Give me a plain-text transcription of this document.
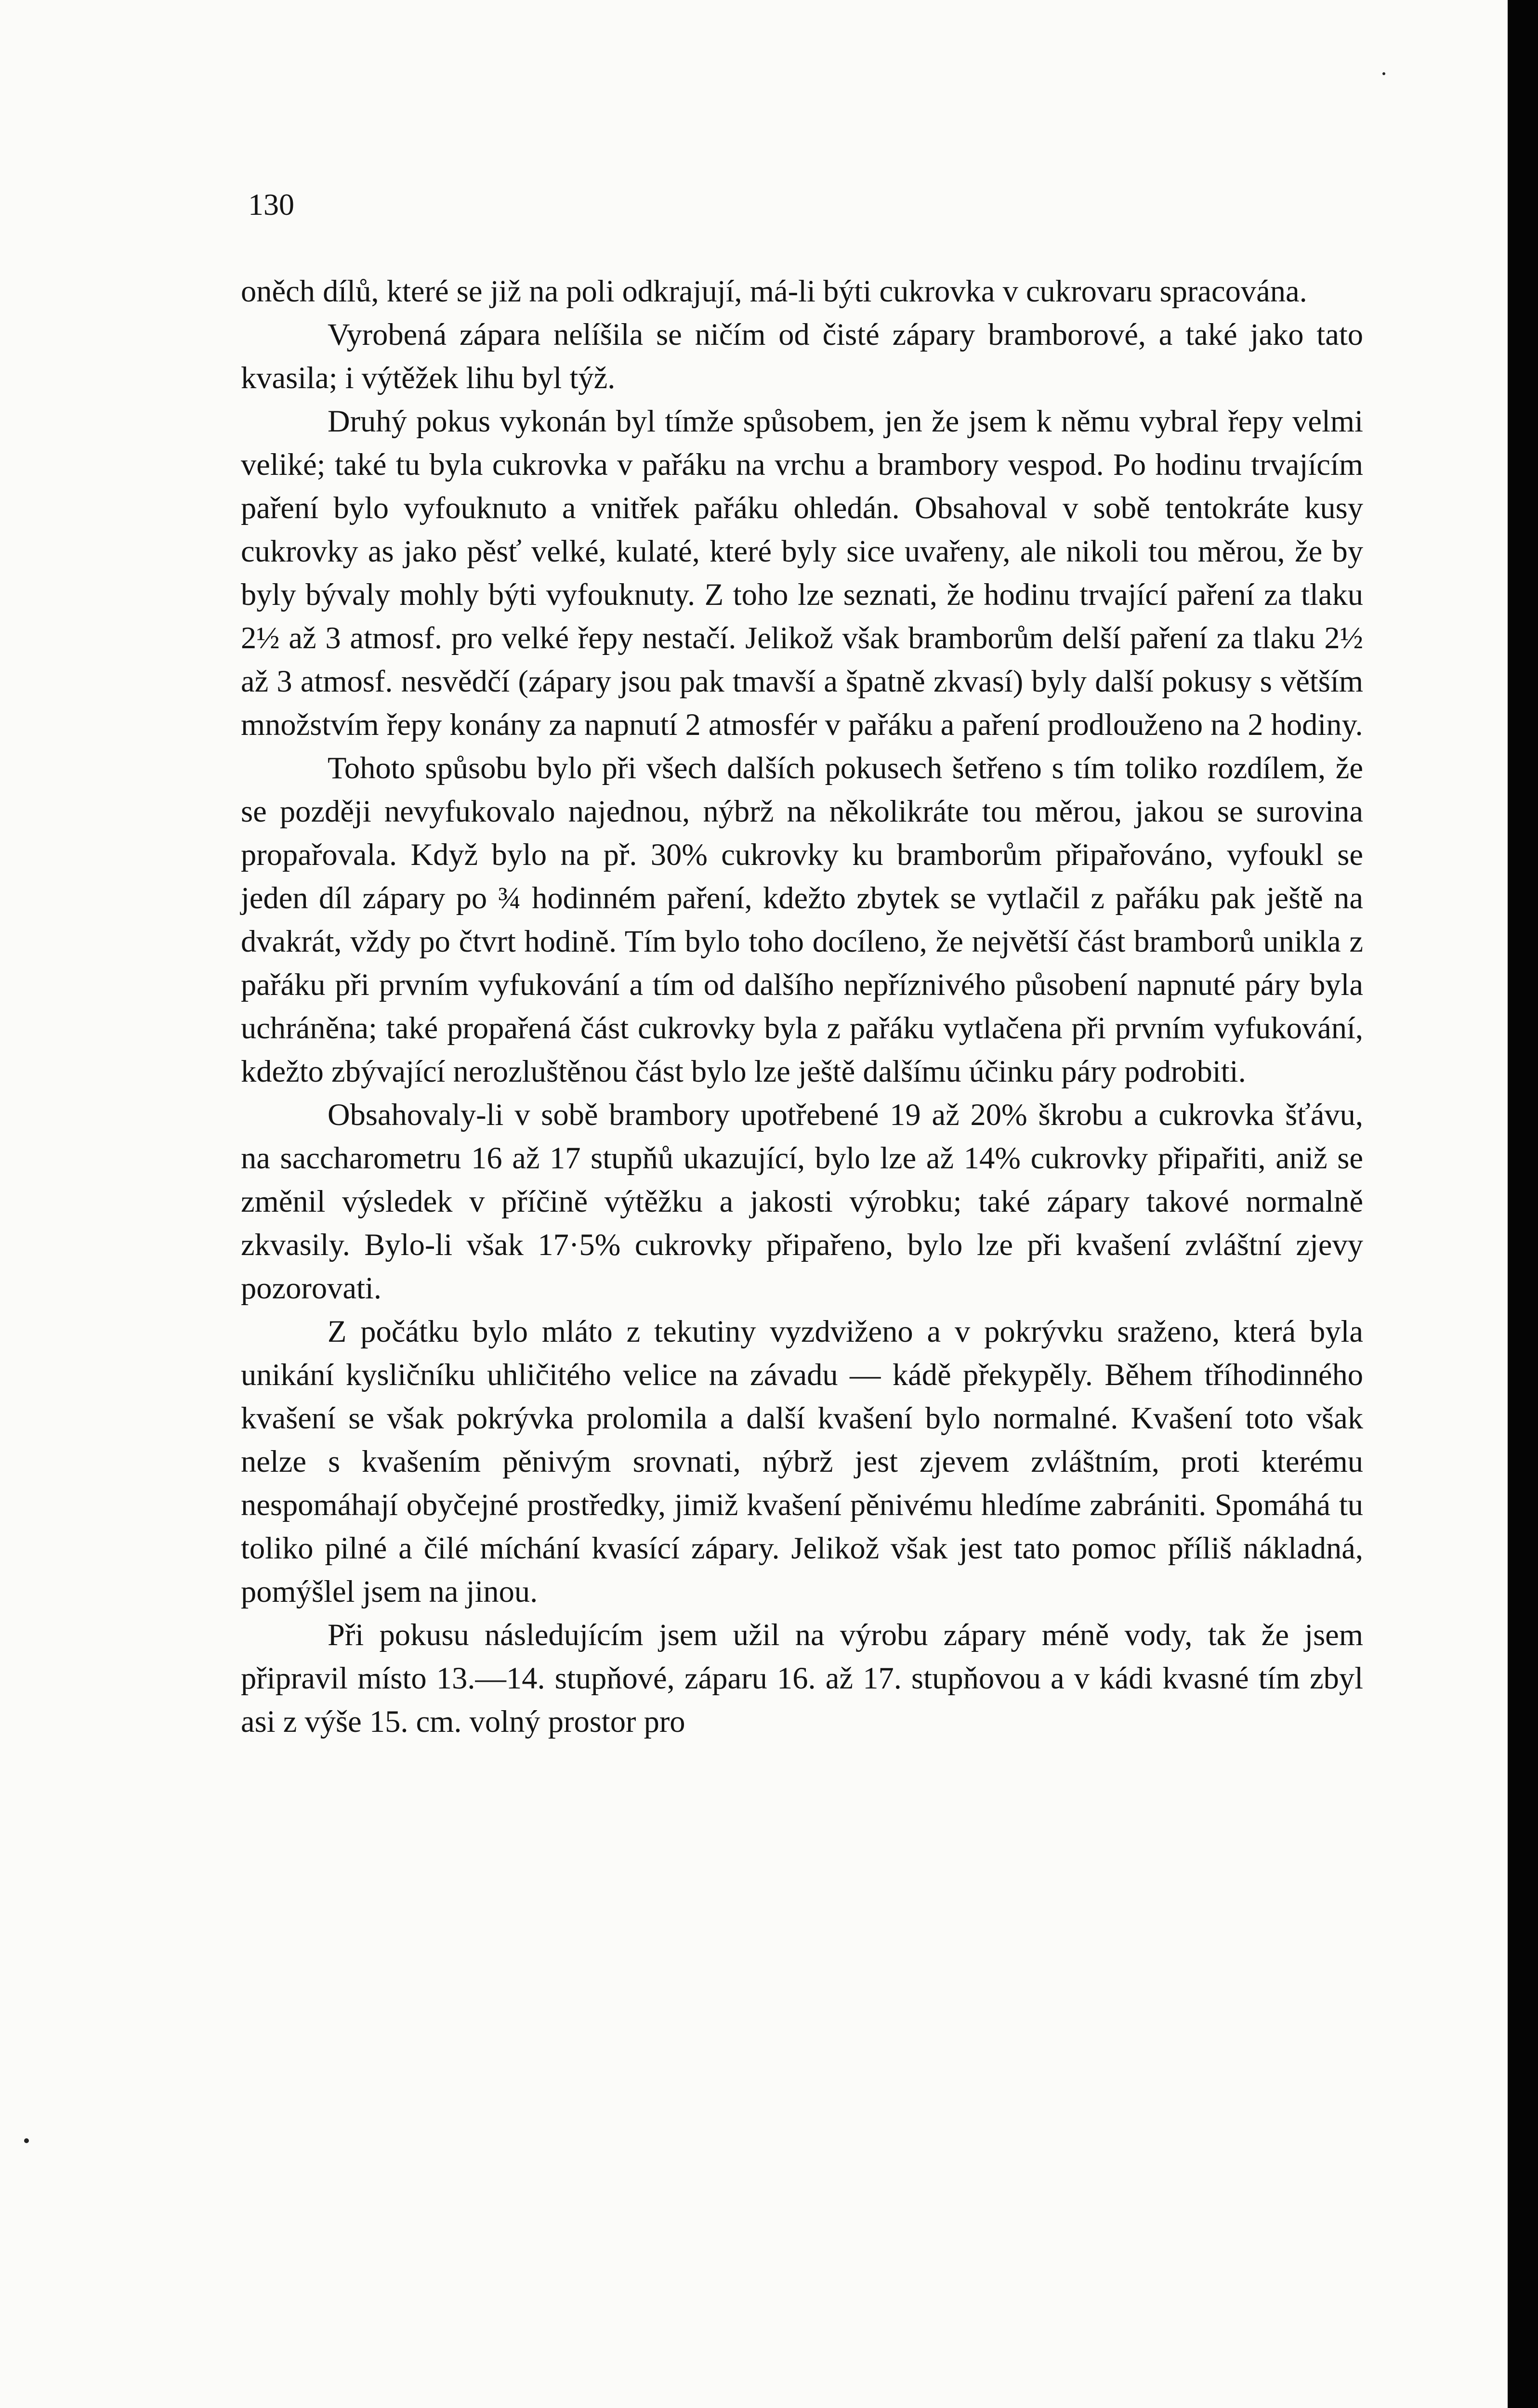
130

oněch dílů, které se již na poli odkrajují, má-li býti cukrovka v cukrovaru spracována.

Vyrobená zápara nelíšila se ničím od čisté zápary bramborové, a také jako tato kvasila; i výtěžek lihu byl týž.

Druhý pokus vykonán byl tímže spůsobem, jen že jsem k němu vybral řepy velmi veliké; také tu byla cukrovka v pařáku na vrchu a brambory vespod. Po hodinu trvajícím paření bylo vyfouknuto a vnitřek pařáku ohledán. Obsahoval v sobě tentokráte kusy cukrovky as jako pěsť velké, kulaté, které byly sice uvařeny, ale nikoli tou měrou, že by byly bývaly mohly býti vyfouknuty. Z toho lze seznati, že hodinu trvající paření za tlaku 2½ až 3 atmosf. pro velké řepy nestačí. Jelikož však bramborům delší paření za tlaku 2½ až 3 atmosf. nesvědčí (zápary jsou pak tmavší a špatně zkvasí) byly další pokusy s větším množstvím řepy konány za napnutí 2 atmosfér v pařáku a paření prodlouženo na 2 hodiny.

Tohoto spůsobu bylo při všech dalších pokusech šetřeno s tím toliko rozdílem, že se později nevyfukovalo najednou, nýbrž na několikráte tou měrou, jakou se surovina propařovala. Když bylo na př. 30% cukrovky ku bramborům připařováno, vyfoukl se jeden díl zápary po ¾ hodinném paření, kdežto zbytek se vytlačil z pařáku pak ještě na dvakrát, vždy po čtvrt hodině. Tím bylo toho docíleno, že největší část bramborů unikla z pařáku při prvním vyfukování a tím od dalšího nepříznivého působení napnuté páry byla uchráněna; také propařená část cukrovky byla z pařáku vytlačena při prvním vyfukování, kdežto zbývající nerozluštěnou část bylo lze ještě dalšímu účinku páry podrobiti.

Obsahovaly-li v sobě brambory upotřebené 19 až 20% škrobu a cukrovka šťávu, na saccharometru 16 až 17 stupňů ukazující, bylo lze až 14% cukrovky připařiti, aniž se změnil výsledek v příčině výtěžku a jakosti výrobku; také zápary takové normalně zkvasily. Bylo-li však 17·5% cukrovky připařeno, bylo lze při kvašení zvláštní zjevy pozorovati.

Z počátku bylo mláto z tekutiny vyzdviženo a v pokrývku sraženo, která byla unikání kysličníku uhličitého velice na závadu — kádě překypěly. Během tříhodinného kvašení se však pokrývka prolomila a další kvašení bylo normalné. Kvašení toto však nelze s kvašením pěnivým srovnati, nýbrž jest zjevem zvláštním, proti kterému nespomáhají obyčejné prostředky, jimiž kvašení pěnivému hledíme zabrániti. Spomáhá tu toliko pilné a čilé míchání kvasící zápary. Jelikož však jest tato pomoc příliš nákladná, pomýšlel jsem na jinou.

Při pokusu následujícím jsem užil na výrobu zápary méně vody, tak že jsem připravil místo 13.—14. stupňové, záparu 16. až 17. stupňovou a v kádi kvasné tím zbyl asi z výše 15. cm. volný prostor pro
